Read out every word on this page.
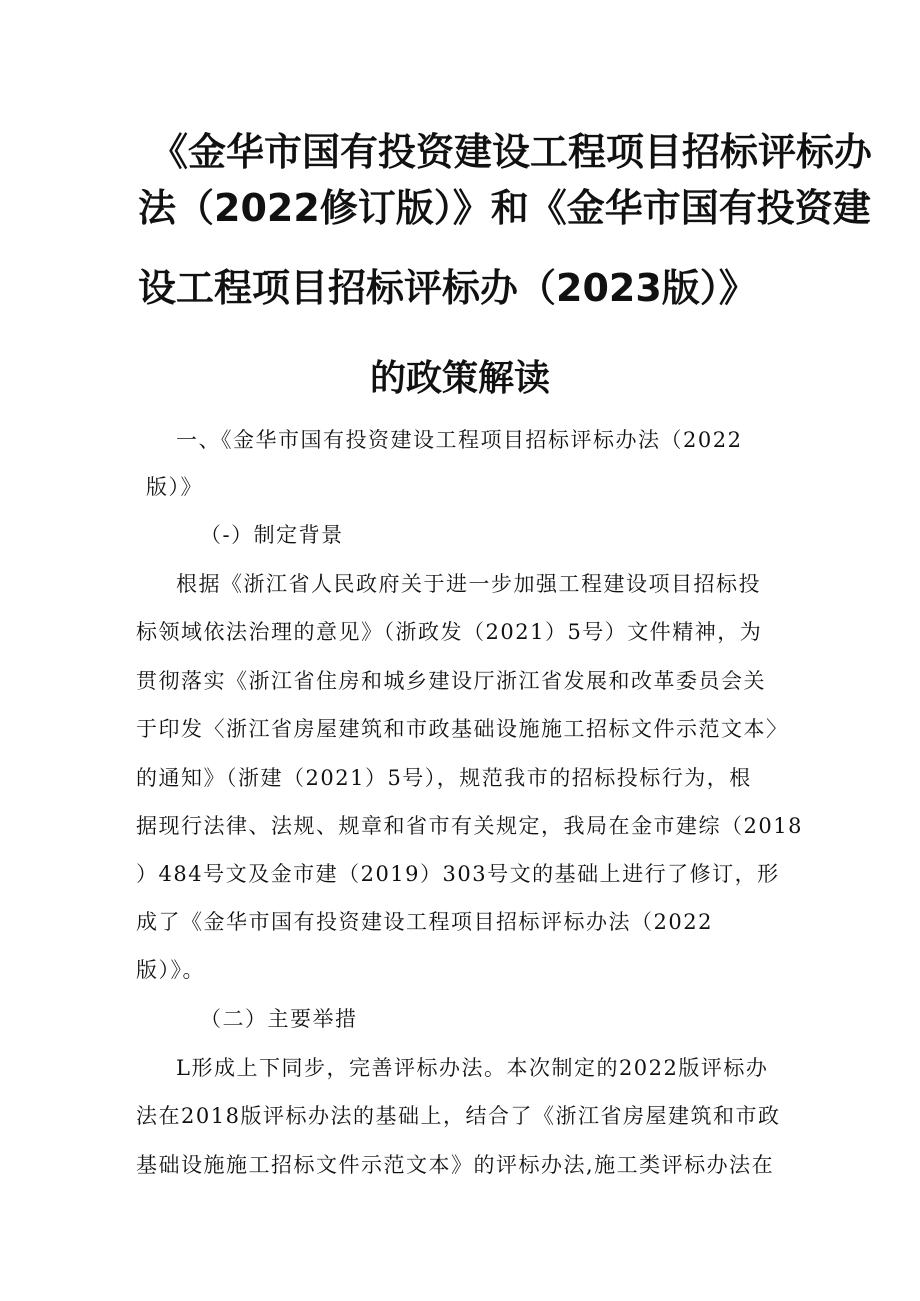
《金华市国有投资建设工程项目招标评标办
法（2022修订版）》和《金华市国有投资建
设工程项目招标评标办（2023版）》
的政策解读
一、《金华市国有投资建设工程项目招标评标办法（2022
版）》
（-）制定背景
根据《浙江省人民政府关于进一步加强工程建设项目招标投
标领域依法治理的意见》（浙政发（2021）5号）文件精神，为
贯彻落实《浙江省住房和城乡建设厅浙江省发展和改革委员会关
于印发〈浙江省房屋建筑和市政基础设施施工招标文件示范文本〉
的通知》（浙建（2021）5号），规范我市的招标投标行为，根
据现行法律、法规、规章和省市有关规定，我局在金市建综（2018
）484号文及金市建（2019）303号文的基础上进行了修订，形
成了《金华市国有投资建设工程项目招标评标办法（2022
版）》。
（二）主要举措
L形成上下同步，完善评标办法。本次制定的2022版评标办
法在2018版评标办法的基础上，结合了《浙江省房屋建筑和市政
基础设施施工招标文件示范文本》的评标办法,施工类评标办法在
